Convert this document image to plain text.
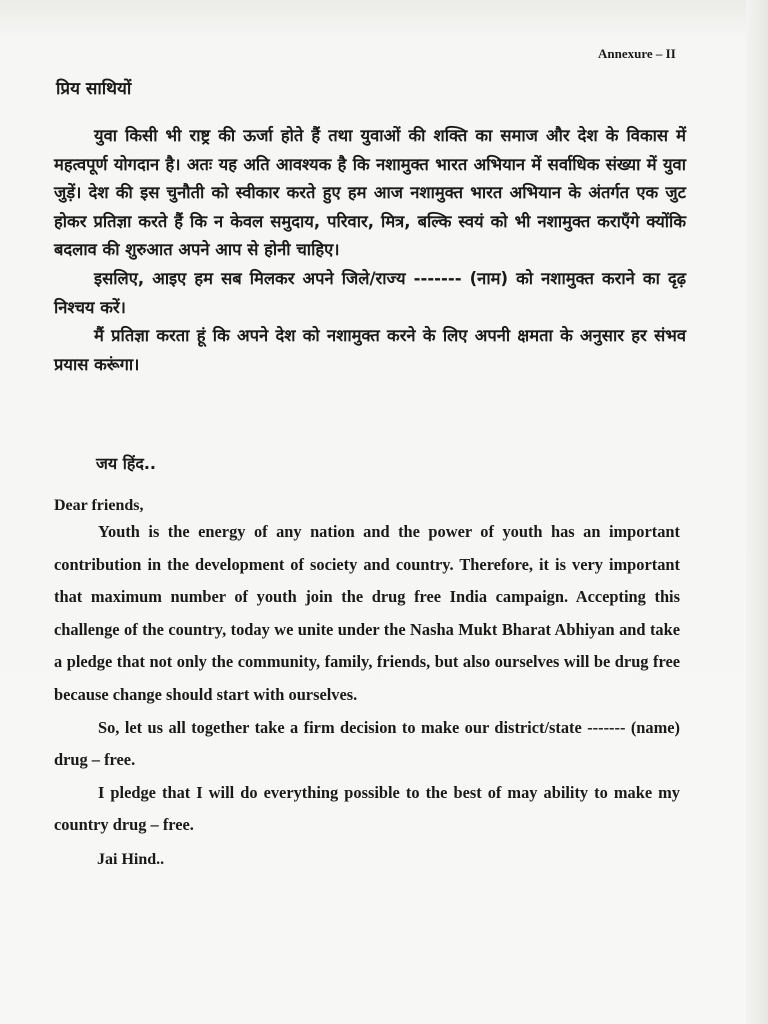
Annexure – II
प्रिय साथियों

युवा किसी भी राष्ट्र की ऊर्जा होते हैं तथा युवाओं की शक्ति का समाज और देश के विकास में महत्वपूर्ण योगदान है। अतः यह अति आवश्यक है कि नशामुक्त भारत अभियान में सर्वाधिक संख्या में युवा जुड़ें। देश की इस चुनौती को स्वीकार करते हुए हम आज नशामुक्त भारत अभियान के अंतर्गत एक जुट होकर प्रतिज्ञा करते हैं कि न केवल समुदाय, परिवार, मित्र, बल्कि स्वयं को भी नशामुक्त कराएँगे क्योंकि बदलाव की शुरुआत अपने आप से होनी चाहिए।

इसलिए, आइए हम सब मिलकर अपने जिले/राज्य ------- (नाम) को नशामुक्त कराने का दृढ़ निश्चय करें।

मैं प्रतिज्ञा करता हूं कि अपने देश को नशामुक्त करने के लिए अपनी क्षमता के अनुसार हर संभव प्रयास करूंगा।

जय हिंद..
Dear friends,

Youth is the energy of any nation and the power of youth has an important contribution in the development of society and country. Therefore, it is very important that maximum number of youth join the drug free India campaign. Accepting this challenge of the country, today we unite under the Nasha Mukt Bharat Abhiyan and take a pledge that not only the community, family, friends, but also ourselves will be drug free because change should start with ourselves.

So, let us all together take a firm decision to make our district/state ------- (name) drug – free.

I pledge that I will do everything possible to the best of may ability to make my country drug – free.

Jai Hind..
